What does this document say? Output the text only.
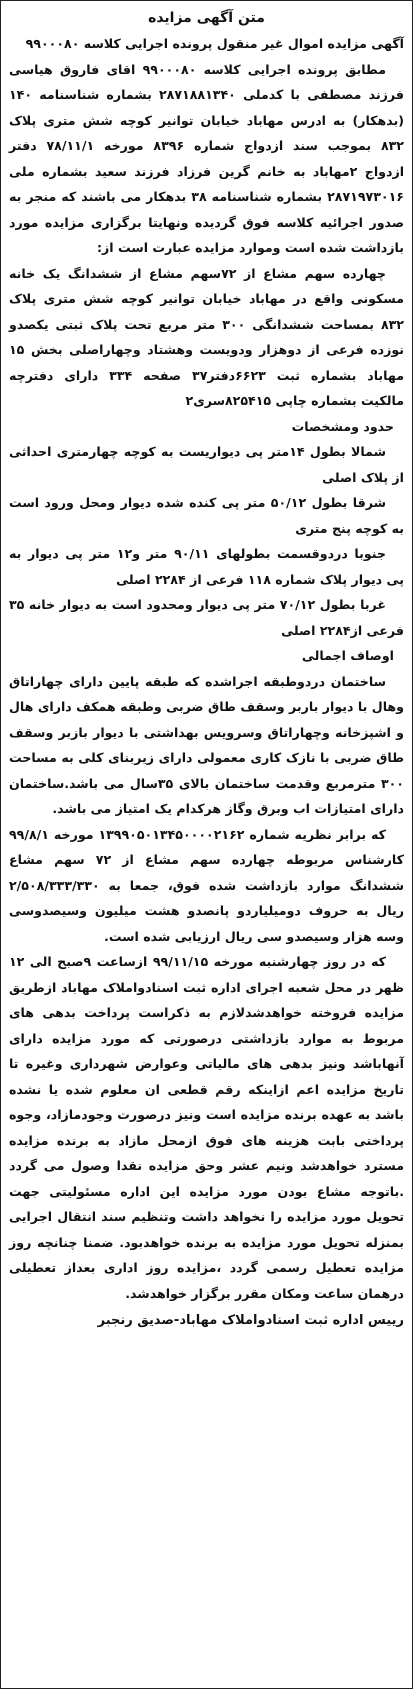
متن آگهی مزایده

آگهی مزایده اموال غیر منقول پرونده اجرایی کلاسه ۹۹۰۰۰۸۰

مطابق پرونده اجرایی کلاسه ۹۹۰۰۰۸۰ اقای فاروق هیاسی فرزند مصطفی با کدملی ۲۸۷۱۸۸۱۳۴۰ بشماره شناسنامه ۱۴۰ (بدهکار) به ادرس مهاباد خیابان توانیر کوچه شش متری پلاک ۸۳۲ بموجب سند ازدواج شماره ۸۳۹۶ مورخه ۷۸/۱۱/۱ دفتر ازدواج ۲مهاباد به خانم گرین فرزاد فرزند سعید بشماره ملی ۲۸۷۱۹۷۳۰۱۶ بشماره شناسنامه ۳۸ بدهکار می باشند که منجر به صدور اجرائیه کلاسه فوق گردیده ونهایتا برگزاری مزایده مورد بازداشت شده است وموارد مزایده عبارت است از:

چهارده سهم مشاع از ۷۲سهم مشاع از ششدانگ یک خانه مسکونی واقع در مهاباد خیابان توانیر کوچه شش متری پلاک ۸۳۲ بمساحت ششدانگی ۳۰۰ متر مربع تحت پلاک ثبتی یکصدو نوزده فرعی از دوهزار ودویست وهشتاد وچهاراصلی بخش ۱۵ مهاباد بشماره ثبت ۶۶۲۳دفتر۳۷ صفحه ۳۳۴ دارای دفترچه مالکیت بشماره چاپی ۸۲۵۴۱۵سری۲

حدود ومشخصات

شمالا بطول ۱۴متر پی دیواریست به کوچه چهارمتری احداثی از پلاک اصلی

شرقا بطول ۵۰/۱۲ متر پی کنده شده دیوار ومحل ورود است به کوچه پنج متری

جنوبا دردوقسمت بطولهای ۹۰/۱۱ متر و۱۲ متر پی دیوار به پی دیوار پلاک شماره ۱۱۸ فرعی از ۲۲۸۴ اصلی

غربا بطول ۷۰/۱۲ متر پی دیوار ومحدود است به دیوار خانه ۳۵ فرعی از۲۲۸۴ اصلی

اوصاف اجمالی

ساختمان دردوطبقه اجراشده که طبقه پایین دارای چهاراتاق وهال با دیوار باربر وسقف طاق ضربی وطبقه همکف دارای هال و اشپزخانه وچهاراتاق وسرویس بهداشتی با دیوار بازبر وسقف طاق ضربی با نازک کاری معمولی دارای زیربنای کلی به مساحت ۳۰۰ مترمربع وقدمت ساختمان بالای ۳۵سال می باشد.ساختمان دارای امتیازات اب وبرق وگاز هرکدام یک امتیاز می باشد.

که برابر نظریه شماره ۱۳۹۹۰۵۰۱۳۴۵۰۰۰۰۲۱۶۲ مورخه ۹۹/۸/۱ کارشناس مربوطه چهارده سهم مشاع از ۷۲ سهم مشاع ششدانگ موارد بازداشت شده فوق، جمعا به ۲/۵۰۸/۳۳۳/۳۳۰ ریال به حروف دومیلیاردو پانصدو هشت میلیون وسیصدوسی وسه هزار وسیصدو سی ریال ارزیابی شده است.

که در روز چهارشنبه مورخه ۹۹/۱۱/۱۵ ازساعت ۹صبح الی ۱۲ ظهر در محل شعبه اجرای اداره ثبت اسنادواملاک مهاباد ازطریق مزایده فروخته خواهدشدلازم به ذکراست پرداخت بدهی های مربوط به موارد بازداشتی درصورتی که مورد مزایده دارای آنهاباشد ونیز بدهی های مالیاتی وعوارض شهرداری وغیره تا تاریخ مزایده اعم ازاینکه رقم قطعی ان معلوم شده یا نشده باشد به عهده برنده مزایده است ونیز درصورت وجودمازاد، وجوه پرداختی بابت هزینه های فوق ازمحل مازاد به برنده مزایده مسترد خواهدشد ونیم عشر وحق مزایده نقدا وصول می گردد .باتوجه مشاع بودن مورد مزایده این اداره مسئولیتی جهت تحویل مورد مزایده را نخواهد داشت وتنظیم سند انتقال اجرایی بمنزله تحویل مورد مزایده به برنده خواهدبود. ضمنا چنانچه روز مزایده تعطیل رسمی گردد ،مزایده روز اداری بعداز تعطیلی درهمان ساعت ومکان مقرر برگزار خواهدشد.

رییس اداره ثبت اسنادواملاک مهاباد-صدیق رنجبر
